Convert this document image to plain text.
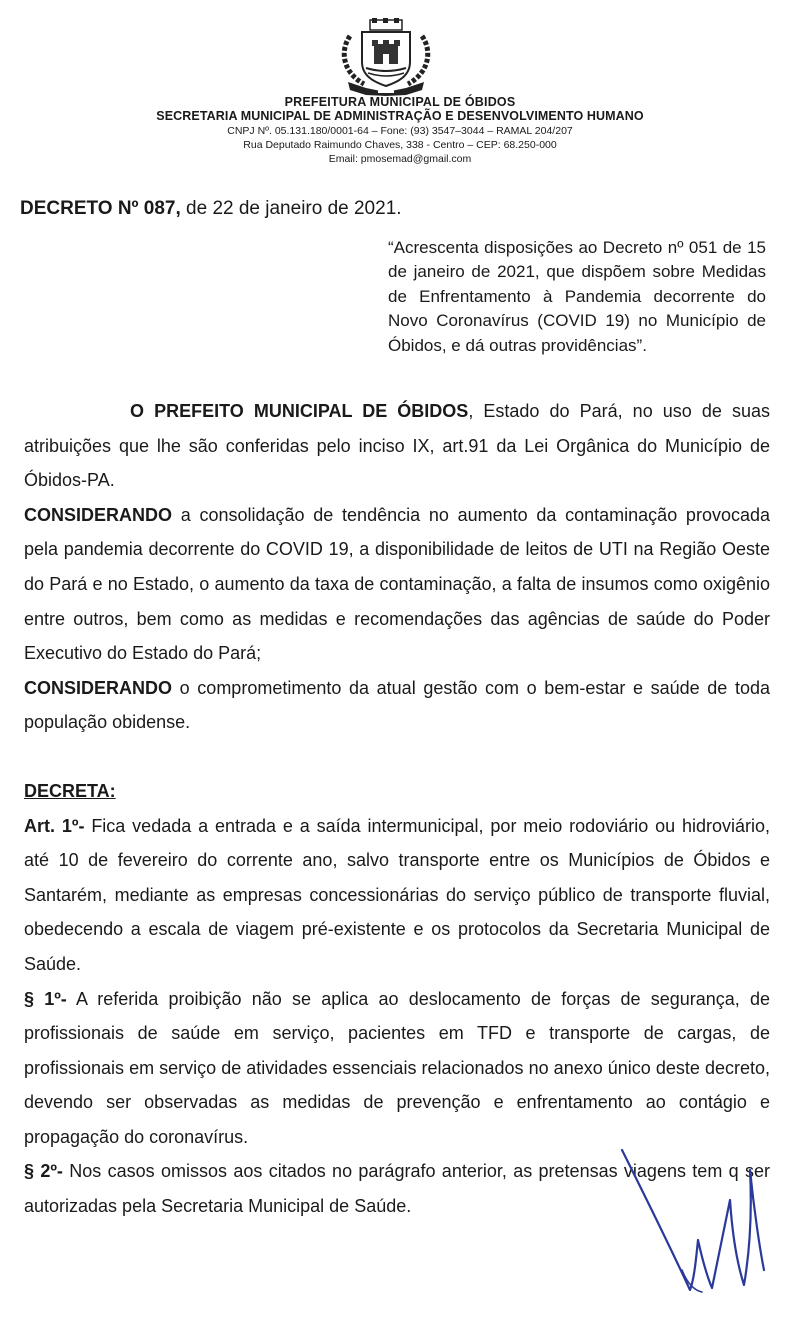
PREFEITURA MUNICIPAL DE ÓBIDOS
SECRETARIA MUNICIPAL DE ADMINISTRAÇÃO E DESENVOLVIMENTO HUMANO
CNPJ Nº. 05.131.180/0001-64 – Fone: (93) 3547–3044 – RAMAL 204/207
Rua Deputado Raimundo Chaves, 338 - Centro – CEP: 68.250-000
Email: pmosemad@gmail.com
DECRETO Nº 087, de 22 de janeiro de 2021.
“Acrescenta disposições ao Decreto nº 051 de 15 de janeiro de 2021, que dispõem sobre Medidas de Enfrentamento à Pandemia decorrente do Novo Coronavírus (COVID 19) no Município de Óbidos, e dá outras providências”.

O PREFEITO MUNICIPAL DE ÓBIDOS, Estado do Pará, no uso de suas atribuições que lhe são conferidas pelo inciso IX, art.91 da Lei Orgânica do Município de Óbidos-PA.

CONSIDERANDO a consolidação de tendência no aumento da contaminação provocada pela pandemia decorrente do COVID 19, a disponibilidade de leitos de UTI na Região Oeste do Pará e no Estado, o aumento da taxa de contaminação, a falta de insumos como oxigênio entre outros, bem como as medidas e recomendações das agências de saúde do Poder Executivo do Estado do Pará;

CONSIDERANDO o comprometimento da atual gestão com o bem-estar e saúde de toda população obidense.

DECRETA:

Art. 1º- Fica vedada a entrada e a saída intermunicipal, por meio rodoviário ou hidroviário, até 10 de fevereiro do corrente ano, salvo transporte entre os Municípios de Óbidos e Santarém, mediante as empresas concessionárias do serviço público de transporte fluvial, obedecendo a escala de viagem pré-existente e os protocolos da Secretaria Municipal de Saúde.

§ 1º- A referida proibição não se aplica ao deslocamento de forças de segurança, de profissionais de saúde em serviço, pacientes em TFD e transporte de cargas, de profissionais em serviço de atividades essenciais relacionados no anexo único deste decreto, devendo ser observadas as medidas de prevenção e enfrentamento ao contágio e propagação do coronavírus.

§ 2º- Nos casos omissos aos citados no parágrafo anterior, as pretensas viagens tem q ser autorizadas pela Secretaria Municipal de Saúde.
